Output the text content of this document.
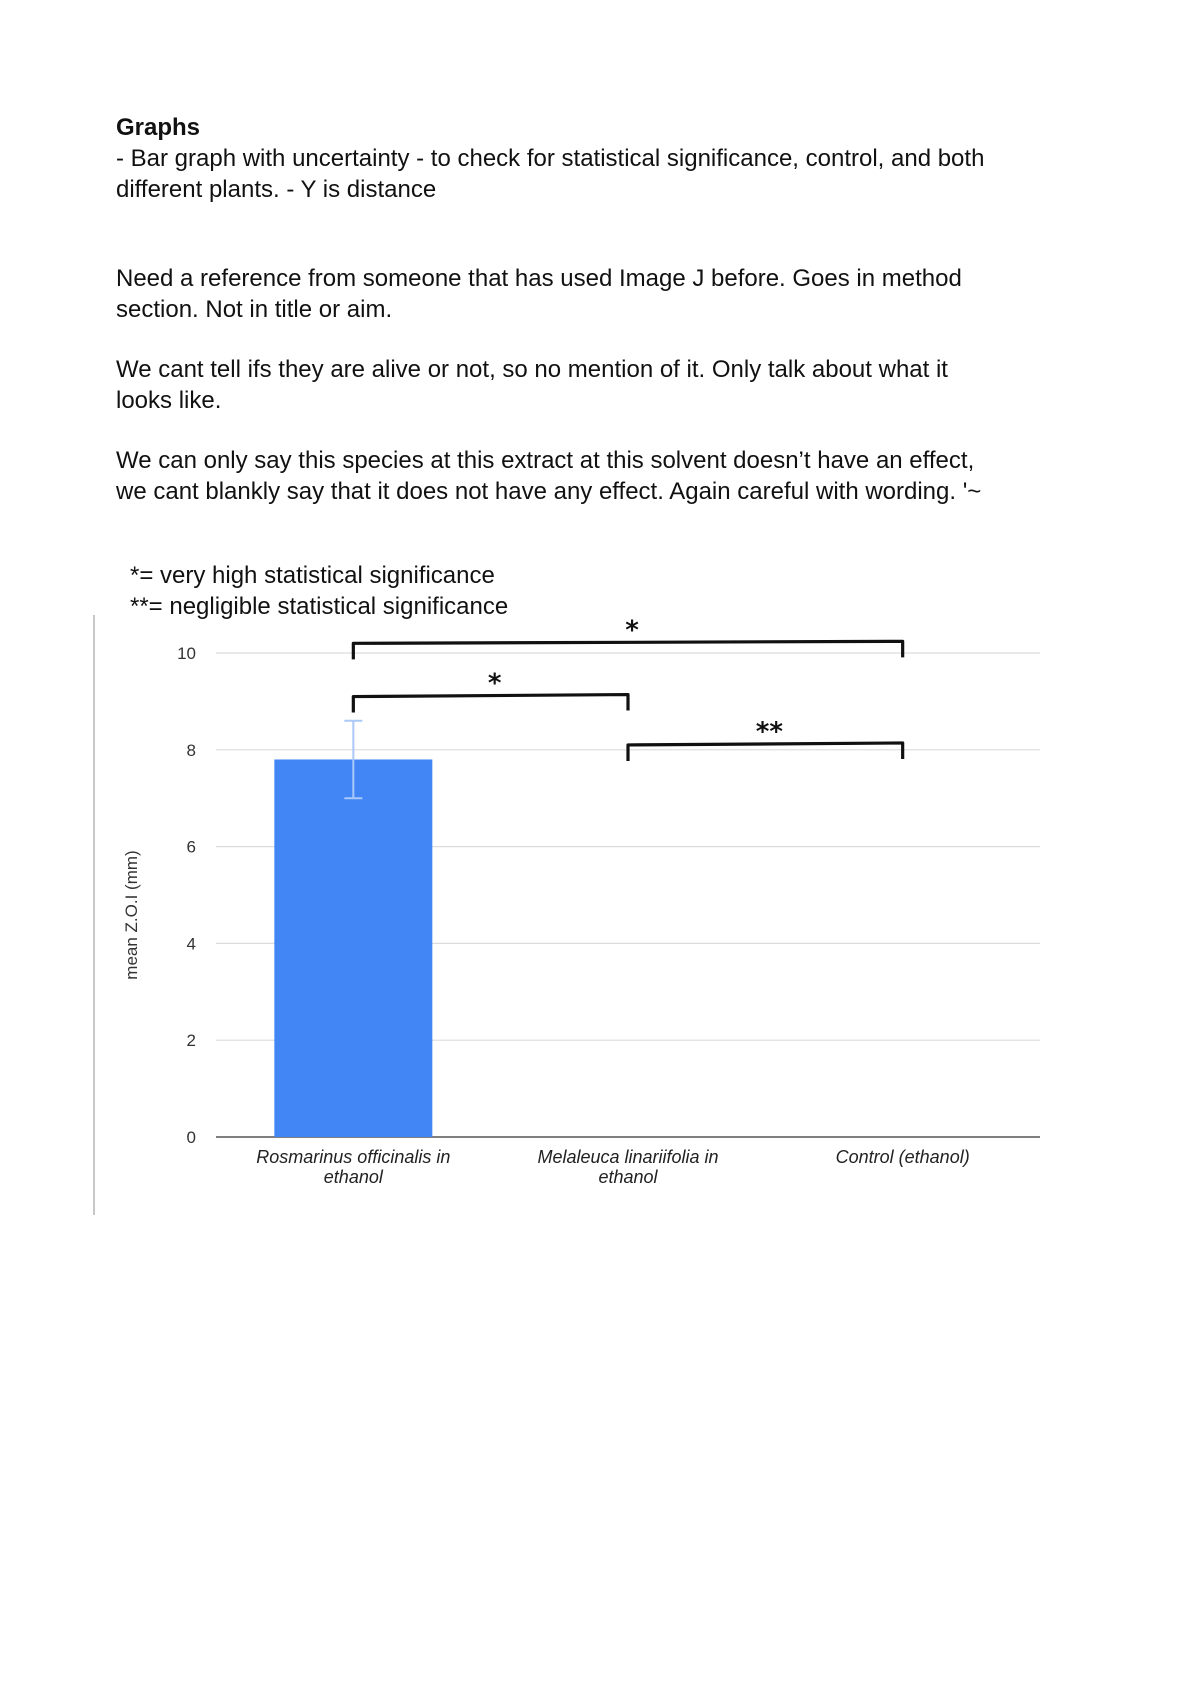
Graphs

- Bar graph with uncertainty - to check for statistical significance, control, and both

different plants. - Y is distance

Need a reference from someone that has used Image J before. Goes in method

section. Not in title or aim.

We cant tell ifs they are alive or not, so no mention of it. Only talk about what it

looks like.

We can only say this species at this extract at this solvent doesn’t have an effect,

we cant blankly say that it does not have any effect. Again careful with wording. '~

*= very high statistical significance
**= negligible statistical significance
0
2
4
6
8
10
mean Z.O.I (mm)
Rosmarinus officinalis in ethanol
Melaleuca linariifolia in ethanol
Control (ethanol)
*
*
**
